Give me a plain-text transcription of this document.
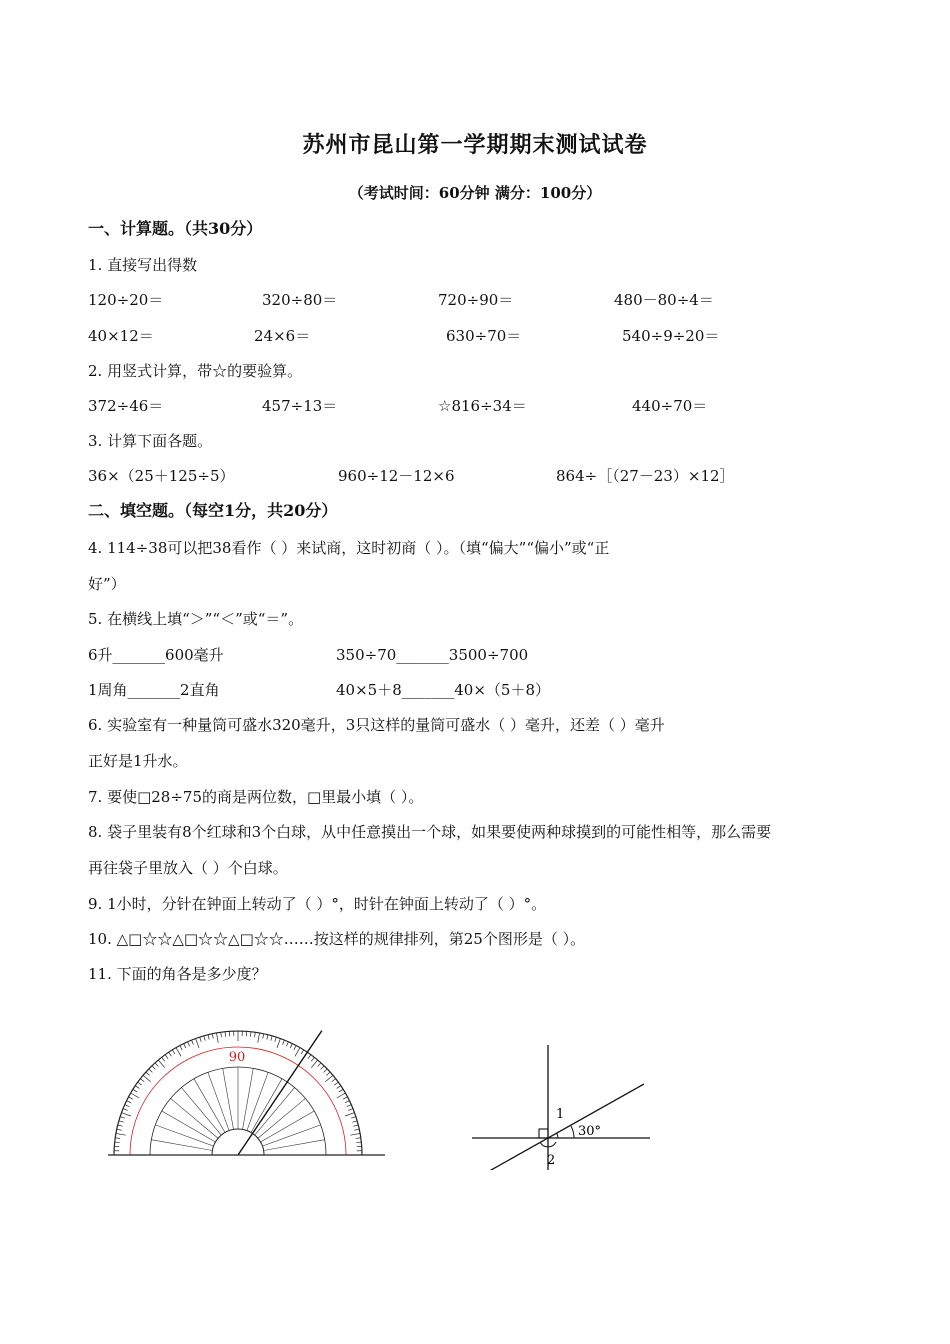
苏州市昆山第一学期期末测试试卷
（考试时间：60分钟 满分：100分）
一、计算题。（共30分）
1. 直接写出得数
120÷20＝	320÷80＝	720÷90＝	480－80÷4＝
40×12＝	24×6＝	630÷70＝	540÷9÷20＝
2. 用竖式计算，带☆的要验算。
372÷46＝	457÷13＝	☆816÷34＝	440÷70＝
3. 计算下面各题。
36×（25＋125÷5）	960÷12－12×6	864÷［（27－23）×12］
二、填空题。（每空1分，共20分）
4. 114÷38可以把38看作（ ）来试商，这时初商（ ）。（填“偏大”“偏小”或“正
好”）
5. 在横线上填“＞”“＜”或“＝”。
6升_______600毫升	350÷70_______3500÷700
1周角_______2直角	40×5＋8_______40×（5＋8）
6. 实验室有一种量筒可盛水320毫升，3只这样的量筒可盛水（ ）毫升，还差（ ）毫升
正好是1升水。
7. 要使□28÷75的商是两位数，□里最小填（ ）。
8. 袋子里装有8个红球和3个白球，从中任意摸出一个球，如果要使两种球摸到的可能性相等，那么需要
再往袋子里放入（ ）个白球。
9. 1小时，分针在钟面上转动了（ ）°，时针在钟面上转动了（ ）°。
10. △□☆☆△□☆☆△□☆☆……按这样的规律排列，第25个图形是（ ）。
11. 下面的角各是多少度？
90
1
30°
2
